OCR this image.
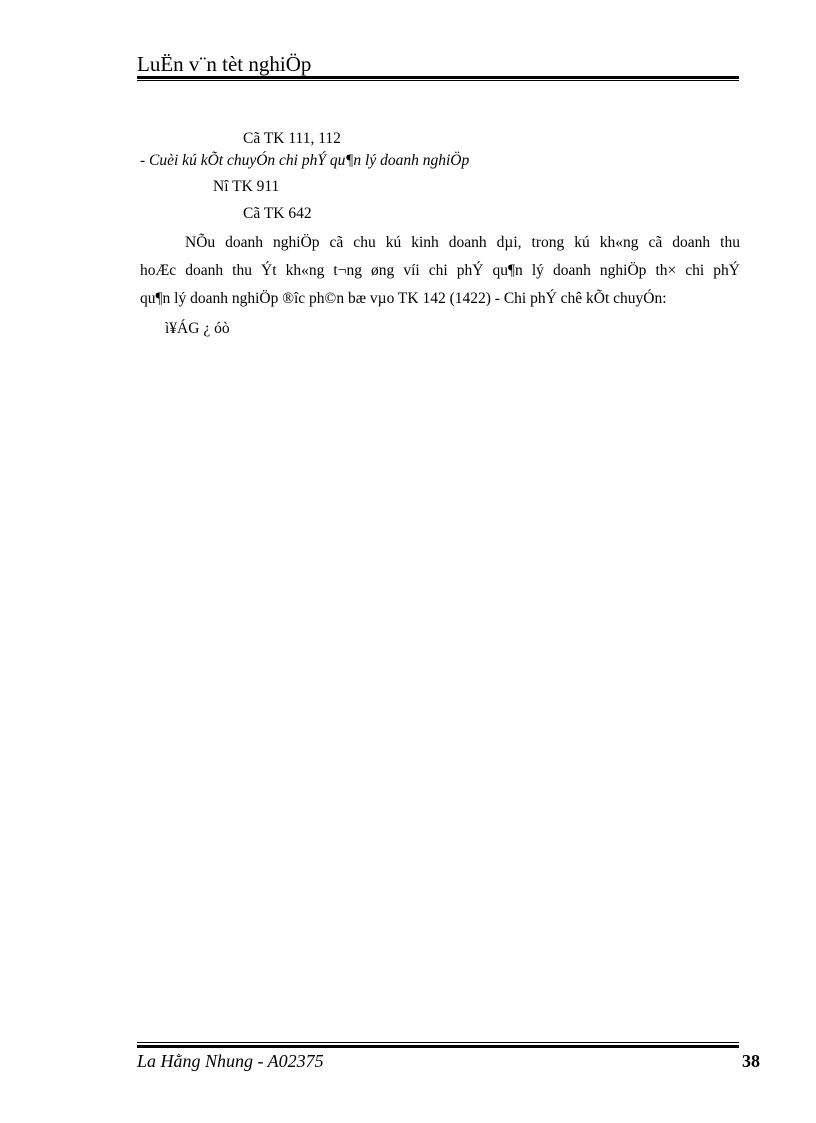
LuËn v¨n tèt nghiÖp
Cã TK 111, 112
- Cuèi kú kÕt chuyÓn chi phÝ qu¶n lý doanh nghiÖp
Nî TK 911
Cã TK 642
NÕu doanh nghiÖp cã chu kú kinh doanh dµi, trong kú kh«ng cã doanh thu
hoÆc doanh thu Ýt kh«ng t¬ng øng víi chi phÝ qu¶n lý doanh nghiÖp th× chi phÝ
qu¶n lý doanh nghiÖp ®îc ph©n bæ vµo TK 142 (1422) - Chi phÝ chê kÕt chuyÓn:
ì¥ÁG ¿ óò
La Hằng Nhung - A02375	38
